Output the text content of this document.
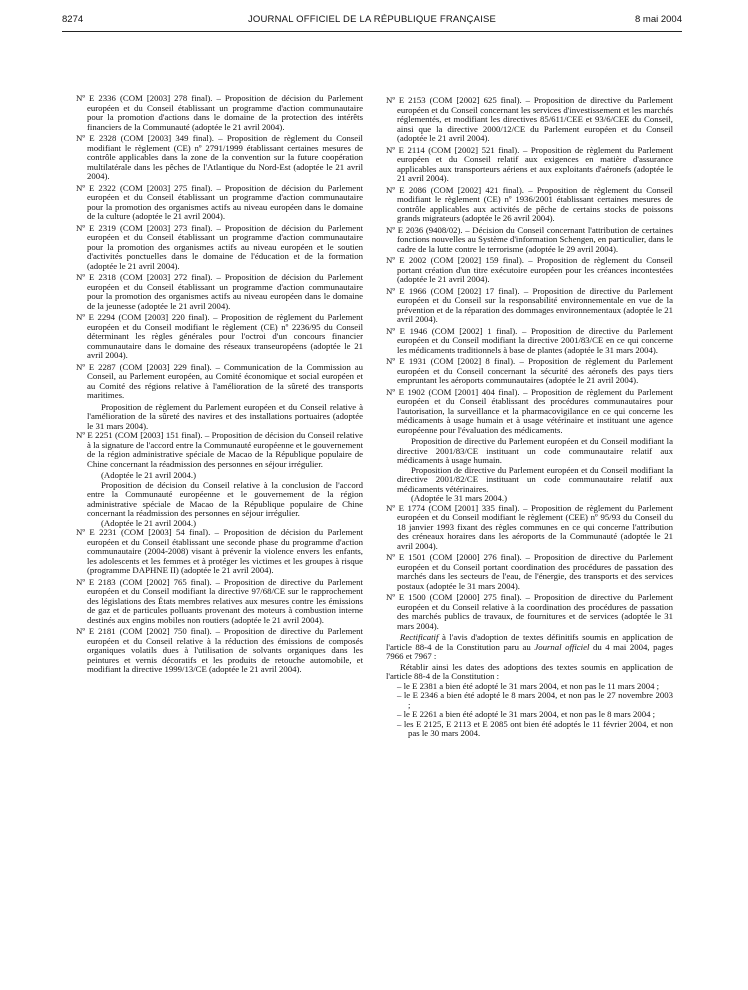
8274	JOURNAL OFFICIEL DE LA RÉPUBLIQUE FRANÇAISE	8 mai 2004
Nº E 2336 (COM [2003] 278 final). – Proposition de décision du Parlement européen et du Conseil établissant un programme d'action communautaire pour la promotion d'actions dans le domaine de la protection des intérêts financiers de la Communauté (adoptée le 21 avril 2004).
Nº E 2328 (COM [2003] 349 final). – Proposition de règlement du Conseil modifiant le règlement (CE) nº 2791/1999 établissant certaines mesures de contrôle applicables dans la zone de la convention sur la future coopération multilatérale dans les pêches de l'Atlantique du Nord-Est (adoptée le 21 avril 2004).
Nº E 2322 (COM [2003] 275 final). – Proposition de décision du Parlement européen et du Conseil établissant un programme d'action communautaire pour la promotion des organismes actifs au niveau européen dans le domaine de la culture (adoptée le 21 avril 2004).
Nº E 2319 (COM [2003] 273 final). – Proposition de décision du Parlement européen et du Conseil établissant un programme d'action communautaire pour la promotion des organismes actifs au niveau européen et le soutien d'activités ponctuelles dans le domaine de l'éducation et de la formation (adoptée le 21 avril 2004).
Nº E 2318 (COM [2003] 272 final). – Proposition de décision du Parlement européen et du Conseil établissant un programme d'action communautaire pour la promotion des organismes actifs au niveau européen dans le domaine de la jeunesse (adoptée le 21 avril 2004).
Nº E 2294 (COM [2003] 220 final). – Proposition de règlement du Parlement européen et du Conseil modifiant le règlement (CE) nº 2236/95 du Conseil déterminant les règles générales pour l'octroi d'un concours financier communautaire dans le domaine des réseaux transeuropéens (adoptée le 21 avril 2004).
Nº E 2287 (COM [2003] 229 final). – Communication de la Commission au Conseil, au Parlement européen, au Comité économique et social européen et au Comité des régions relative à l'amélioration de la sûreté des transports maritimes.
Proposition de règlement du Parlement européen et du Conseil relative à l'amélioration de la sûreté des navires et des installations portuaires (adoptée le 31 mars 2004).
Nº E 2251 (COM [2003] 151 final). – Proposition de décision du Conseil relative à la signature de l'accord entre la Communauté européenne et le gouvernement de la région administrative spéciale de Macao de la République populaire de Chine concernant la réadmission des personnes en séjour irrégulier.
(Adoptée le 21 avril 2004.)
Proposition de décision du Conseil relative à la conclusion de l'accord entre la Communauté européenne et le gouvernement de la région administrative spéciale de Macao de la République populaire de Chine concernant la réadmission des personnes en séjour irrégulier.
(Adoptée le 21 avril 2004.)
Nº E 2231 (COM [2003] 54 final). – Proposition de décision du Parlement européen et du Conseil établissant une seconde phase du programme d'action communautaire (2004-2008) visant à prévenir la violence envers les enfants, les adolescents et les femmes et à protéger les victimes et les groupes à risque (programme DAPHNE II) (adoptée le 21 avril 2004).
Nº E 2183 (COM [2002] 765 final). – Proposition de directive du Parlement européen et du Conseil modifiant la directive 97/68/CE sur le rapprochement des législations des États membres relatives aux mesures contre les émissions de gaz et de particules polluants provenant des moteurs à combustion interne destinés aux engins mobiles non routiers (adoptée le 21 avril 2004).
Nº E 2181 (COM [2002] 750 final). – Proposition de directive du Parlement européen et du Conseil relative à la réduction des émissions de composés organiques volatils dues à l'utilisation de solvants organiques dans les peintures et vernis décoratifs et les produits de retouche automobile, et modifiant la directive 1999/13/CE (adoptée le 21 avril 2004).
Nº E 2153 (COM [2002] 625 final). – Proposition de directive du Parlement européen et du Conseil concernant les services d'investissement et les marchés réglementés, et modifiant les directives 85/611/CEE et 93/6/CEE du Conseil, ainsi que la directive 2000/12/CE du Parlement européen et du Conseil (adoptée le 21 avril 2004).
Nº E 2114 (COM [2002] 521 final). – Proposition de règlement du Parlement européen et du Conseil relatif aux exigences en matière d'assurance applicables aux transporteurs aériens et aux exploitants d'aéronefs (adoptée le 21 avril 2004).
Nº E 2086 (COM [2002] 421 final). – Proposition de règlement du Conseil modifiant le règlement (CE) nº 1936/2001 établissant certaines mesures de contrôle applicables aux activités de pêche de certains stocks de poissons grands migrateurs (adoptée le 26 avril 2004).
Nº E 2036 (9408/02). – Décision du Conseil concernant l'attribution de certaines fonctions nouvelles au Système d'information Schengen, en particulier, dans le cadre de la lutte contre le terrorisme (adoptée le 29 avril 2004).
Nº E 2002 (COM [2002] 159 final). – Proposition de règlement du Conseil portant création d'un titre exécutoire européen pour les créances incontestées (adoptée le 21 avril 2004).
Nº E 1966 (COM [2002] 17 final). – Proposition de directive du Parlement européen et du Conseil sur la responsabilité environnementale en vue de la prévention et de la réparation des dommages environnementaux (adoptée le 21 avril 2004).
Nº E 1946 (COM [2002] 1 final). – Proposition de directive du Parlement européen et du Conseil modifiant la directive 2001/83/CE en ce qui concerne les médicaments traditionnels à base de plantes (adoptée le 31 mars 2004).
Nº E 1931 (COM [2002] 8 final). – Proposition de règlement du Parlement européen et du Conseil concernant la sécurité des aéronefs des pays tiers empruntant les aéroports communautaires (adoptée le 21 avril 2004).
Nº E 1902 (COM [2001] 404 final). – Proposition de règlement du Parlement européen et du Conseil établissant des procédures communautaires pour l'autorisation, la surveillance et la pharmacovigilance en ce qui concerne les médicaments à usage humain et à usage vétérinaire et instituant une agence européenne pour l'évaluation des médicaments.
Proposition de directive du Parlement européen et du Conseil modifiant la directive 2001/83/CE instituant un code communautaire relatif aux médicaments à usage humain.
Proposition de directive du Parlement européen et du Conseil modifiant la directive 2001/82/CE instituant un code communautaire relatif aux médicaments vétérinaires.
(Adoptée le 31 mars 2004.)
Nº E 1774 (COM [2001] 335 final). – Proposition de règlement du Parlement européen et du Conseil modifiant le règlement (CEE) nº 95/93 du Conseil du 18 janvier 1993 fixant des règles communes en ce qui concerne l'attribution des créneaux horaires dans les aéroports de la Communauté (adoptée le 21 avril 2004).
Nº E 1501 (COM [2000] 276 final). – Proposition de directive du Parlement européen et du Conseil portant coordination des procédures de passation des marchés dans les secteurs de l'eau, de l'énergie, des transports et des services postaux (adoptée le 31 mars 2004).
Nº E 1500 (COM [2000] 275 final). – Proposition de directive du Parlement européen et du Conseil relative à la coordination des procédures de passation des marchés publics de travaux, de fournitures et de services (adoptée le 31 mars 2004).
Rectificatif à l'avis d'adoption de textes définitifs soumis en application de l'article 88-4 de la Constitution paru au Journal officiel du 4 mai 2004, pages 7966 et 7967 :
Rétablir ainsi les dates des adoptions des textes soumis en application de l'article 88-4 de la Constitution :
– le E 2381 a bien été adopté le 31 mars 2004, et non pas le 11 mars 2004 ;
– le E 2346 a bien été adopté le 8 mars 2004, et non pas le 27 novembre 2003 ;
– le E 2261 a bien été adopté le 31 mars 2004, et non pas le 8 mars 2004 ;
– les E 2125, E 2113 et E 2085 ont bien été adoptés le 11 février 2004, et non pas le 30 mars 2004.
